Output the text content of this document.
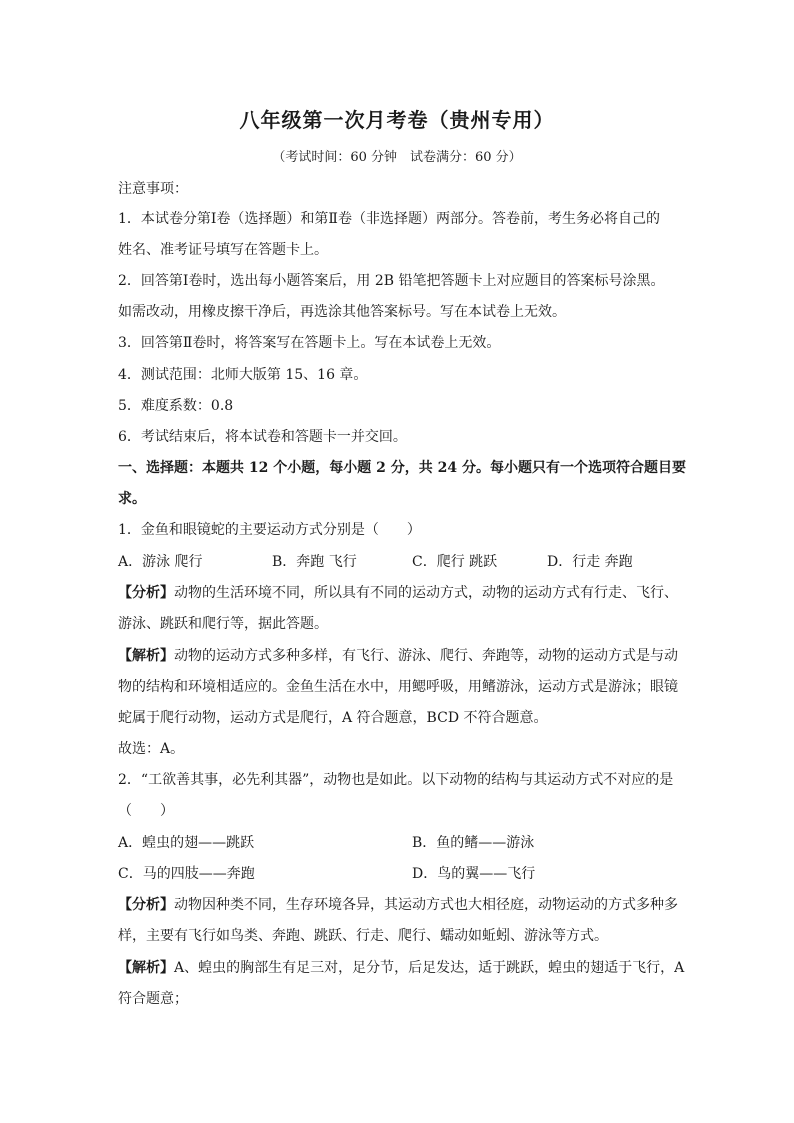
八年级第一次月考卷（贵州专用）
（考试时间：60 分钟　试卷满分：60 分）
注意事项：
1．本试卷分第Ⅰ卷（选择题）和第Ⅱ卷（非选择题）两部分。答卷前，考生务必将自己的
姓名、准考证号填写在答题卡上。
2．回答第Ⅰ卷时，选出每小题答案后，用 2B 铅笔把答题卡上对应题目的答案标号涂黑。
如需改动，用橡皮擦干净后，再选涂其他答案标号。写在本试卷上无效。
3．回答第Ⅱ卷时，将答案写在答题卡上。写在本试卷上无效。
4．测试范围：北师大版第 15、16 章。
5．难度系数：0.8
6．考试结束后，将本试卷和答题卡一并交回。
一、选择题：本题共 12 个小题，每小题 2 分，共 24 分。每小题只有一个选项符合题目要
求。
1．金鱼和眼镜蛇的主要运动方式分别是（　　）
A．游泳 爬行	B．奔跑 飞行	C．爬行 跳跃	D．行走 奔跑
【分析】动物的生活环境不同，所以具有不同的运动方式，动物的运动方式有行走、飞行、
游泳、跳跃和爬行等，据此答题。
【解析】动物的运动方式多种多样，有飞行、游泳、爬行、奔跑等，动物的运动方式是与动
物的结构和环境相适应的。金鱼生活在水中，用鳃呼吸，用鳍游泳，运动方式是游泳；眼镜
蛇属于爬行动物，运动方式是爬行，A 符合题意，BCD 不符合题意。
故选：A。
2．“工欲善其事，必先利其器”，动物也是如此。以下动物的结构与其运动方式不对应的是
（　　）
A．蝗虫的翅——跳跃	B．鱼的鳍——游泳
C．马的四肢——奔跑	D．鸟的翼——飞行
【分析】动物因种类不同，生存环境各异，其运动方式也大相径庭，动物运动的方式多种多
样，主要有飞行如鸟类、奔跑、跳跃、行走、爬行、蠕动如蚯蚓、游泳等方式。
【解析】A、蝗虫的胸部生有足三对，足分节，后足发达，适于跳跃，蝗虫的翅适于飞行，A
符合题意；
